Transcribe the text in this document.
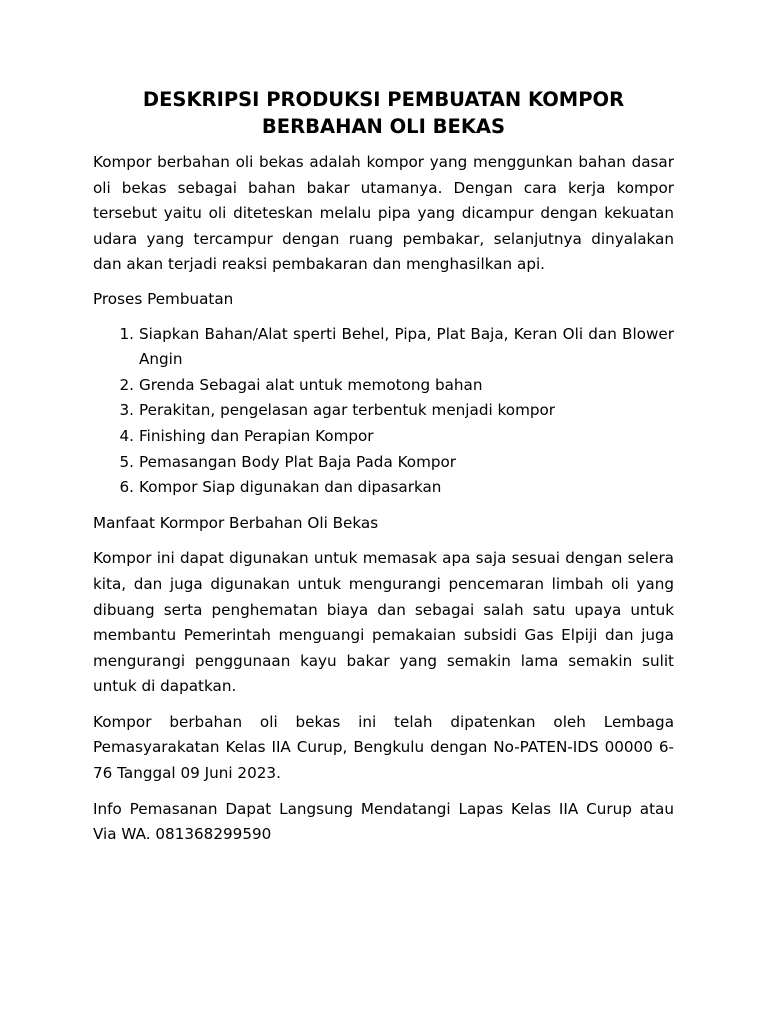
DESKRIPSI PRODUKSI PEMBUATAN KOMPOR
BERBAHAN OLI BEKAS

Kompor berbahan oli bekas adalah kompor yang menggunkan bahan dasar oli bekas sebagai bahan bakar utamanya. Dengan cara kerja kompor tersebut yaitu oli diteteskan melalu pipa yang dicampur dengan kekuatan udara yang tercampur dengan ruang pembakar, selanjutnya dinyalakan dan akan terjadi reaksi pembakaran dan menghasilkan api.

Proses Pembuatan

1. Siapkan Bahan/Alat sperti Behel, Pipa, Plat Baja, Keran Oli dan Blower Angin
2. Grenda Sebagai alat untuk memotong bahan
3. Perakitan, pengelasan agar terbentuk menjadi kompor
4. Finishing dan Perapian Kompor
5. Pemasangan Body Plat Baja Pada Kompor
6. Kompor Siap digunakan dan dipasarkan

Manfaat Kormpor Berbahan Oli Bekas

Kompor ini dapat digunakan untuk memasak apa saja sesuai dengan selera kita, dan juga digunakan untuk mengurangi pencemaran limbah oli yang dibuang serta penghematan biaya dan sebagai salah satu upaya untuk membantu Pemerintah menguangi pemakaian subsidi Gas Elpiji dan juga mengurangi penggunaan kayu bakar yang semakin lama semakin sulit untuk di dapatkan.

Kompor berbahan oli bekas ini telah dipatenkan oleh Lembaga Pemasyarakatan Kelas IIA Curup, Bengkulu dengan No-PATEN-IDS 00000 6-76 Tanggal 09 Juni 2023.

Info Pemasanan Dapat Langsung Mendatangi Lapas Kelas IIA Curup atau Via WA. 081368299590
